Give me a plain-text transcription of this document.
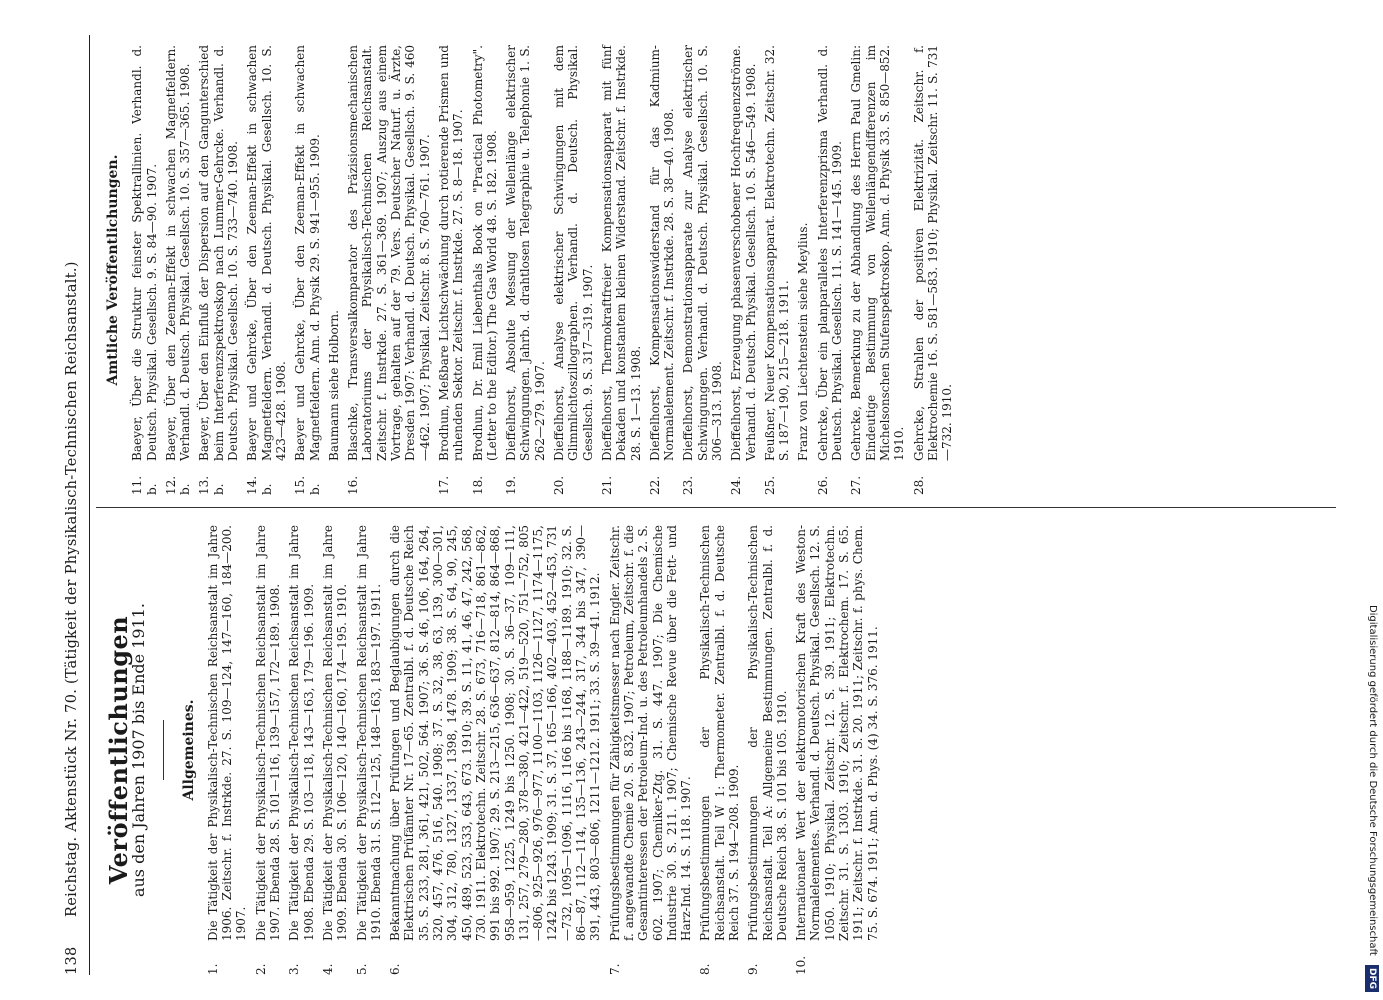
138
Reichstag. Aktenstück Nr. 70. (Tätigkeit der Physikalisch-Technischen Reichsanstalt.) Veröffentlichungen
aus den Jahren 1907 bis Ende 1911. Allgemeines.
1.
Die Tätigkeit der Physikalisch-Technischen Reichsanstalt im Jahre 1906. Zeitschr. f. Instrkde. 27. S. 109—124, 147—160, 184—200. 1907.
2.
Die Tätigkeit der Physikalisch-Technischen Reichsanstalt im Jahre 1907. Ebenda 28. S. 101—116, 139—157, 172—189. 1908.
3.
Die Tätigkeit der Physikalisch-Technischen Reichsanstalt im Jahre 1908. Ebenda 29. S. 103—118, 143—163, 179—196. 1909.
4.
Die Tätigkeit der Physikalisch-Technischen Reichsanstalt im Jahre 1909. Ebenda 30. S. 106—120, 140—160, 174—195. 1910.
5.
Die Tätigkeit der Physikalisch-Technischen Reichsanstalt im Jahre 1910. Ebenda 31. S. 112—125, 148—163, 183—197. 1911.
6.
Bekanntmachung über Prüfungen und Beglaubigungen durch die Elektrischen Prüfämter Nr. 17—65. Zentralbl. f. d. Deutsche Reich 35. S. 233, 281, 361, 421, 502, 564. 1907; 36. S. 46, 106, 164, 264, 320, 457, 476, 516, 540. 1908; 37. S. 32, 38, 63, 139, 300—301, 304, 312, 780, 1327, 1337, 1398, 1478. 1909; 38. S. 64, 90, 245, 450, 489, 523, 533, 643, 673. 1910; 39. S. 11, 41, 46, 47, 242, 568, 730. 1911. Elektrotechn. Zeitschr. 28. S. 673, 716—718, 861—862, 991 bis 992. 1907; 29. S. 213—215, 636—637, 812—814, 864—868, 958—959, 1225, 1249 bis 1250. 1908; 30. S. 36—37, 109—111, 131, 257, 279—280, 378—380, 421—422, 519—520, 751—752, 805—806, 925—926, 976—977, 1100—1103, 1126—1127, 1174—1175, 1242 bis 1243. 1909; 31. S. 37, 165—166, 402—403, 452—453, 731—732, 1095—1096, 1116, 1166 bis 1168, 1188—1189. 1910; 32. S. 86—87, 112—114, 135—136, 243—244, 317, 344 bis 347, 390—391, 443, 803—806, 1211—1212. 1911; 33. S. 39—41. 1912.
7.
Prüfungsbestimmungen für Zähigkeitsmesser nach Engler. Zeitschr. f. angewandte Chemie 20. S. 832. 1907; Petroleum, Zeitschr. f. die Gesamtinteressen der Petroleum-Ind. u. des Petroleumhandels 2. S. 602. 1907; Chemiker-Ztg. 31. S. 447. 1907; Die Chemische Industrie 30. S. 211. 1907; Chemische Revue über die Fett- und Harz-Ind. 14. S. 118. 1907.
8.
Prüfungsbestimmungen der Physikalisch-Technischen Reichsanstalt. Teil W 1: Thermometer. Zentralbl. f. d. Deutsche Reich 37. S. 194—208. 1909.
9.
Prüfungsbestimmungen der Physikalisch-Technischen Reichsanstalt. Teil A: Allgemeine Bestimmungen. Zentralbl. f. d. Deutsche Reich 38. S. 101 bis 105. 1910.
10.
Internationaler Wert der elektromotorischen Kraft des Weston-Normalelementes. Verhandl. d. Deutsch. Physikal. Gesellsch. 12. S. 1050. 1910; Physikal. Zeitschr. 12. S. 39. 1911; Elektrotechn. Zeitschr. 31. S. 1303. 1910; Zeitschr. f. Elektrochem. 17. S. 65. 1911; Zeitschr. f. Instrkde. 31. S. 20. 1911; Zeitschr. f. phys. Chem. 75. S. 674. 1911; Ann. d. Phys. (4) 34. S. 376. 1911.
Amtliche Veröffentlichungen.
11. b.
Baeyer, Über die Struktur feinster Spektrallinien. Verhandl. d. Deutsch. Physikal. Gesellsch. 9. S. 84—90. 1907.
12. b.
Baeyer, Über den Zeeman-Effekt in schwachen Magnetfeldern. Verhandl. d. Deutsch. Physikal. Gesellsch. 10. S. 357—365. 1908.
13. b.
Baeyer, Über den Einfluß der Dispersion auf den Gangunterschied beim Interferenzspektroskop nach Lummer-Gehrcke. Verhandl. d. Deutsch. Physikal. Gesellsch. 10. S. 733—740. 1908.
14. b.
Baeyer und Gehrcke, Über den Zeeman-Effekt in schwachen Magnetfeldern. Verhandl. d. Deutsch. Physikal. Gesellsch. 10. S. 423—428. 1908.
15. b.
Baeyer und Gehrcke, Über den Zeeman-Effekt in schwachen Magnetfeldern. Ann. d. Physik 29. S. 941—955. 1909. Baumann siehe Holborn.
16.
Blaschke, Transversalkomparator des Präzisionsmechanischen Laboratoriums der Physikalisch-Technischen Reichsanstalt. Zeitschr. f. Instrkde. 27. S. 361—369. 1907; Auszug aus einem Vortrage, gehalten auf der 79. Vers. Deutscher Naturf. u. Ärzte, Dresden 1907: Verhandl. d. Deutsch. Physikal. Gesellsch. 9. S. 460—462. 1907; Physikal. Zeitschr. 8. S. 760—761. 1907.
17.
Brodhun, Meßbare Lichtschwächung durch rotierende Prismen und ruhenden Sektor. Zeitschr. f. Instrkde. 27. S. 8—18. 1907.
18.
Brodhun, Dr. Emil Liebenthals Book on "Practical Photometry". (Letter to the Editor.) The Gas World 48. S. 182. 1908.
19.
Dieffelhorst, Absolute Messung der Wellenlänge elektrischer Schwingungen. Jahrb. d. drahtlosen Telegraphie u. Telephonie 1. S. 262—279. 1907.
20.
Dieffelhorst, Analyse elektrischer Schwingungen mit dem Glimmlichtoszillographen. Verhandl. d. Deutsch. Physikal. Gesellsch. 9. S. 317—319. 1907.
21.
Dieffelhorst, Thermokraftfreier Kompensationsapparat mit fünf Dekaden und konstantem kleinen Widerstand. Zeitschr. f. Instrkde. 28. S. 1—13. 1908.
22.
Dieffelhorst, Kompensationswiderstand für das Kadmium-Normalelement. Zeitschr. f. Instrkde. 28. S. 38—40. 1908.
23.
Dieffelhorst, Demonstrationsapparate zur Analyse elektrischer Schwingungen. Verhandl. d. Deutsch. Physikal. Gesellsch. 10. S. 306—313. 1908.
24.
Dieffelhorst, Erzeugung phasenverschobener Hochfrequenzströme. Verhandl. d. Deutsch. Physikal. Gesellsch. 10. S. 546—549. 1908.
25.
Feußner, Neuer Kompensationsapparat. Elektrotechn. Zeitschr. 32. S. 187—190, 215—218. 1911. Franz von Liechtenstein siehe Meylius.
26.
Gehrcke, Über ein planparalleles Interferenzprisma Verhandl. d. Deutsch. Physikal. Gesellsch. 11. S. 141—145. 1909.
27.
Gehrcke, Bemerkung zu der Abhandlung des Herrn Paul Gmelin: Eindeutige Bestimmung von Wellenlängendifferenzen im Michelsonschen Stufenspektroskop. Ann. d. Physik 33. S. 850—852. 1910.
28.
Gehrcke, Strahlen der positiven Elektrizität. Zeitschr. f. Elektrochemie 16. S. 581—583. 1910; Physikal. Zeitschr. 11. S. 731—732. 1910.
Digitalisierung gefördert durch die Deutsche Forschungsgemeinschaft DFG
